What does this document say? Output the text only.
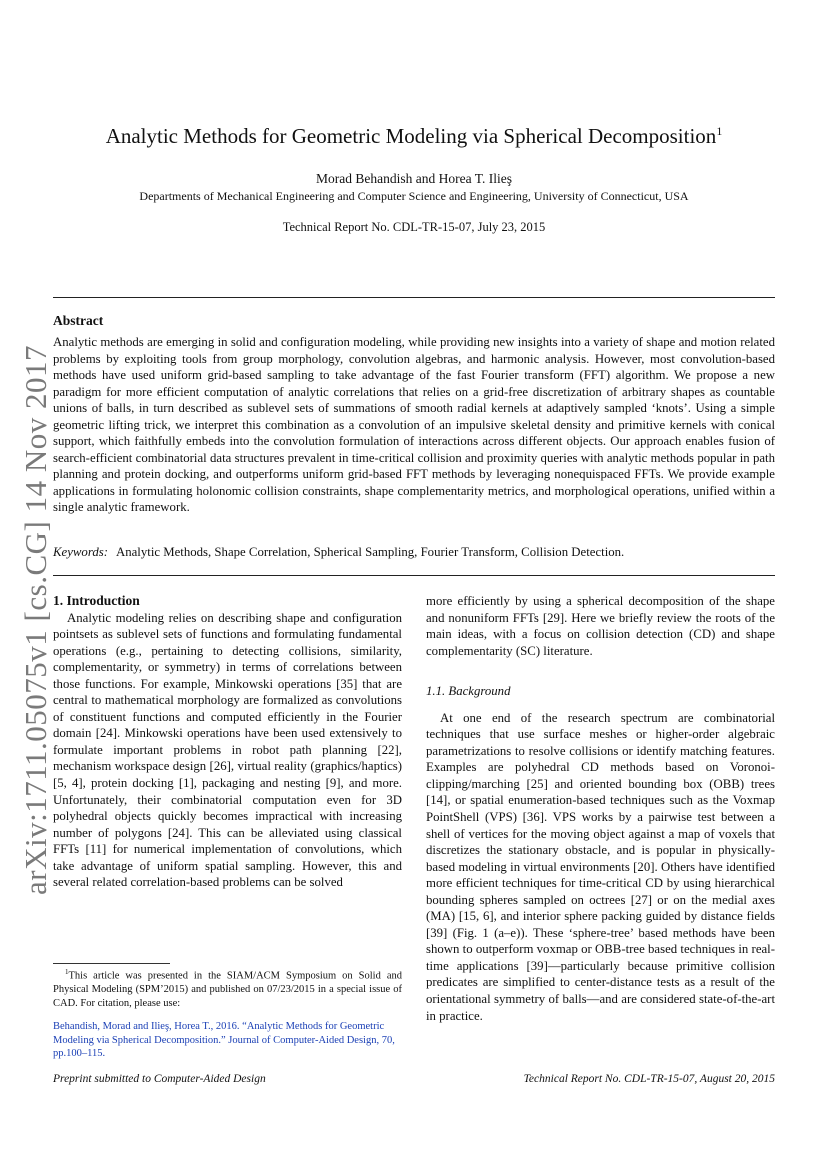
arXiv:1711.05075v1 [cs.CG] 14 Nov 2017
Analytic Methods for Geometric Modeling via Spherical Decomposition$^1$
Morad Behandish and Horea T. Ilieş
Departments of Mechanical Engineering and Computer Science and Engineering, University of Connecticut, USA
Technical Report No. CDL-TR-15-07, July 23, 2015
Abstract

Analytic methods are emerging in solid and configuration modeling, while providing new insights into a variety of shape and motion related problems by exploiting tools from group morphology, convolution algebras, and harmonic analysis. However, most convolution-based methods have used uniform grid-based sampling to take advantage of the fast Fourier transform (FFT) algorithm. We propose a new paradigm for more efficient computation of analytic correlations that relies on a grid-free discretization of arbitrary shapes as countable unions of balls, in turn described as sublevel sets of summations of smooth radial kernels at adaptively sampled ‘knots’. Using a simple geometric lifting trick, we interpret this combination as a convolution of an impulsive skeletal density and primitive kernels with conical support, which faithfully embeds into the convolution formulation of interactions across different objects. Our approach enables fusion of search-efficient combinatorial data structures prevalent in time-critical collision and proximity queries with analytic methods popular in path planning and protein docking, and outperforms uniform grid-based FFT methods by leveraging nonequispaced FFTs. We provide example applications in formulating holonomic collision constraints, shape complementarity metrics, and morphological operations, unified within a single analytic framework.

Keywords: Analytic Methods, Shape Correlation, Spherical Sampling, Fourier Transform, Collision Detection.

1. Introduction

Analytic modeling relies on describing shape and configuration pointsets as sublevel sets of functions and formulating fundamental operations (e.g., pertaining to detecting collisions, similarity, complementarity, or symmetry) in terms of correlations between those functions. For example, Minkowski operations [35] that are central to mathematical morphology are formalized as convolutions of constituent functions and computed efficiently in the Fourier domain [24]. Minkowski operations have been used extensively to formulate important problems in robot path planning [22], mechanism workspace design [26], virtual reality (graphics/haptics) [5, 4], protein docking [1], packaging and nesting [9], and more. Unfortunately, their combinatorial computation even for 3D polyhedral objects quickly becomes impractical with increasing number of polygons [24]. This can be alleviated using classical FFTs [11] for numerical implementation of convolutions, which take advantage of uniform spatial sampling. However, this and several related correlation-based problems can be solved

more efficiently by using a spherical decomposition of the shape and nonuniform FFTs [29]. Here we briefly review the roots of the main ideas, with a focus on collision detection (CD) and shape complementarity (SC) literature.

1.1. Background

At one end of the research spectrum are combinatorial techniques that use surface meshes or higher-order algebraic parametrizations to resolve collisions or identify matching features. Examples are polyhedral CD methods based on Voronoi-clipping/marching [25] and oriented bounding box (OBB) trees [14], or spatial enumeration-based techniques such as the Voxmap PointShell (VPS) [36]. VPS works by a pairwise test between a shell of vertices for the moving object against a map of voxels that discretizes the stationary obstacle, and is popular in physically-based modeling in virtual environments [20]. Others have identified more efficient techniques for time-critical CD by using hierarchical bounding spheres sampled on octrees [27] or on the medial axes (MA) [15, 6], and interior sphere packing guided by distance fields [39] (Fig. 1 (a–e)). These ‘sphere-tree’ based methods have been shown to outperform voxmap or OBB-tree based techniques in real-time applications [39]—particularly because primitive collision predicates are simplified to center-distance tests as a result of the orientational symmetry of balls—and are considered state-of-the-art in practice.

$^1$This article was presented in the SIAM/ACM Symposium on Solid and Physical Modeling (SPM’2015) and published on 07/23/2015 in a special issue of CAD. For citation, please use:

Behandish, Morad and Ilieş, Horea T., 2016. “Analytic Methods for Geometric Modeling via Spherical Decomposition.” Journal of Computer-Aided Design, 70, pp.100–115.

Preprint submitted to Computer-Aided Design	Technical Report No. CDL-TR-15-07, August 20, 2015
